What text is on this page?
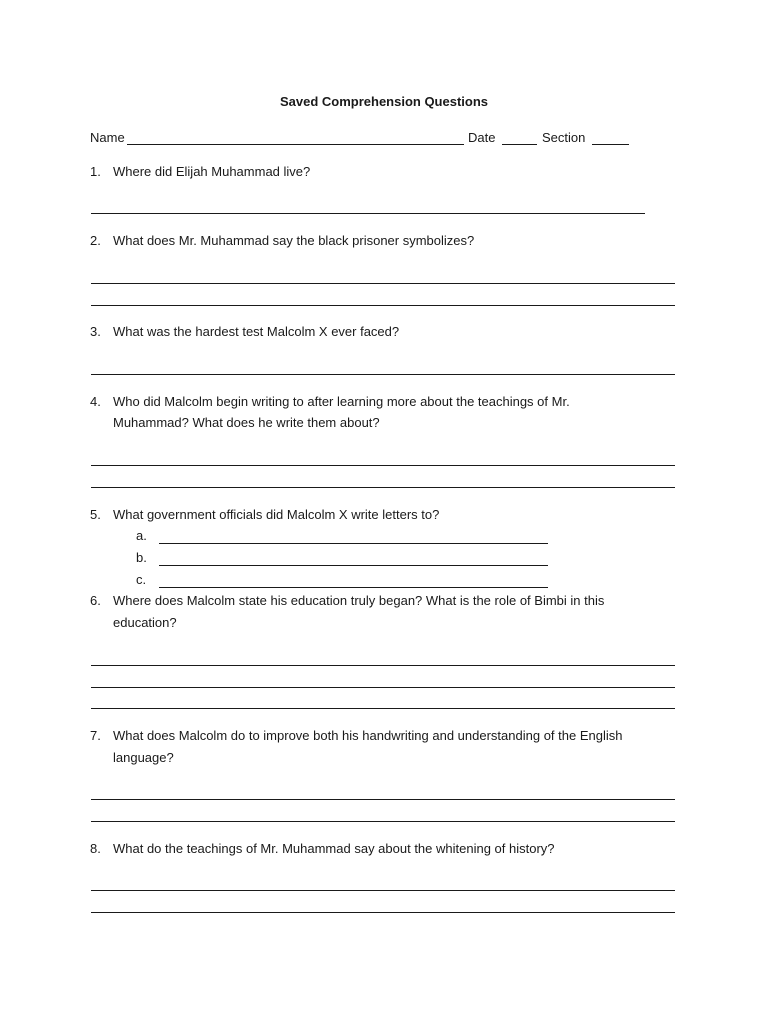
Saved Comprehension Questions
Name	Date	Section
1. Where did Elijah Muhammad live?
2. What does Mr. Muhammad say the black prisoner symbolizes?
3. What was the hardest test Malcolm X ever faced?
4. Who did Malcolm begin writing to after learning more about the teachings of Mr.
Muhammad? What does he write them about?
5. What government officials did Malcolm X write letters to?
a.
b.
c.
6. Where does Malcolm state his education truly began? What is the role of Bimbi in this
education?
7. What does Malcolm do to improve both his handwriting and understanding of the English
language?
8. What do the teachings of Mr. Muhammad say about the whitening of history?
